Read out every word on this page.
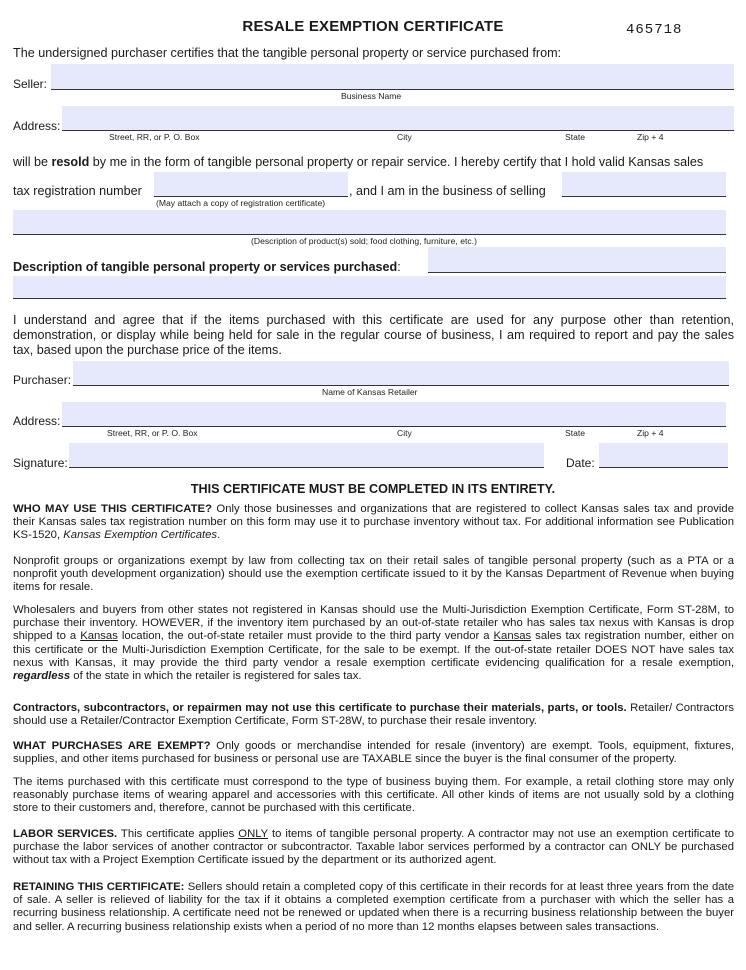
RESALE EXEMPTION CERTIFICATE	465718
The undersigned purchaser certifies that the tangible personal property or service purchased from:
Seller:
Business Name
Address:
Street, RR, or P. O. Box	City	State	Zip + 4
will be resold by me in the form of tangible personal property or repair service. I hereby certify that I hold valid Kansas sales
tax registration number
(May attach a copy of registration certificate)
, and I am in the business of selling
(Description of product(s) sold; food clothing, furniture, etc.)
Description of tangible personal property or services purchased:
I understand and agree that if the items purchased with this certificate are used for any purpose other than retention, demonstration, or display while being held for sale in the regular course of business, I am required to report and pay the sales tax, based upon the purchase price of the items.
Purchaser:
Name of Kansas Retailer
Address:
Street, RR, or P. O. Box	City	State	Zip + 4
Signature:	Date:
THIS CERTIFICATE MUST BE COMPLETED IN ITS ENTIRETY.
WHO MAY USE THIS CERTIFICATE? Only those businesses and organizations that are registered to collect Kansas sales tax and provide their Kansas sales tax registration number on this form may use it to purchase inventory without tax. For additional information see Publication KS-1520, Kansas Exemption Certificates.
Nonprofit groups or organizations exempt by law from collecting tax on their retail sales of tangible personal property (such as a PTA or a nonprofit youth development organization) should use the exemption certificate issued to it by the Kansas Department of Revenue when buying items for resale.
Wholesalers and buyers from other states not registered in Kansas should use the Multi-Jurisdiction Exemption Certificate, Form ST-28M, to purchase their inventory. HOWEVER, if the inventory item purchased by an out-of-state retailer who has sales tax nexus with Kansas is drop shipped to a Kansas location, the out-of-state retailer must provide to the third party vendor a Kansas sales tax registration number, either on this certificate or the Multi-Jurisdiction Exemption Certificate, for the sale to be exempt. If the out-of-state retailer DOES NOT have sales tax nexus with Kansas, it may provide the third party vendor a resale exemption certificate evidencing qualification for a resale exemption, regardless of the state in which the retailer is registered for sales tax.
Contractors, subcontractors, or repairmen may not use this certificate to purchase their materials, parts, or tools. Retailer/ Contractors should use a Retailer/Contractor Exemption Certificate, Form ST-28W, to purchase their resale inventory.
WHAT PURCHASES ARE EXEMPT? Only goods or merchandise intended for resale (inventory) are exempt. Tools, equipment, fixtures, supplies, and other items purchased for business or personal use are TAXABLE since the buyer is the final consumer of the property.
The items purchased with this certificate must correspond to the type of business buying them. For example, a retail clothing store may only reasonably purchase items of wearing apparel and accessories with this certificate. All other kinds of items are not usually sold by a clothing store to their customers and, therefore, cannot be purchased with this certificate.
LABOR SERVICES. This certificate applies ONLY to items of tangible personal property. A contractor may not use an exemption certificate to purchase the labor services of another contractor or subcontractor. Taxable labor services performed by a contractor can ONLY be purchased without tax with a Project Exemption Certificate issued by the department or its authorized agent.
RETAINING THIS CERTIFICATE: Sellers should retain a completed copy of this certificate in their records for at least three years from the date of sale. A seller is relieved of liability for the tax if it obtains a completed exemption certificate from a purchaser with which the seller has a recurring business relationship. A certificate need not be renewed or updated when there is a recurring business relationship between the buyer and seller. A recurring business relationship exists when a period of no more than 12 months elapses between sales transactions.
